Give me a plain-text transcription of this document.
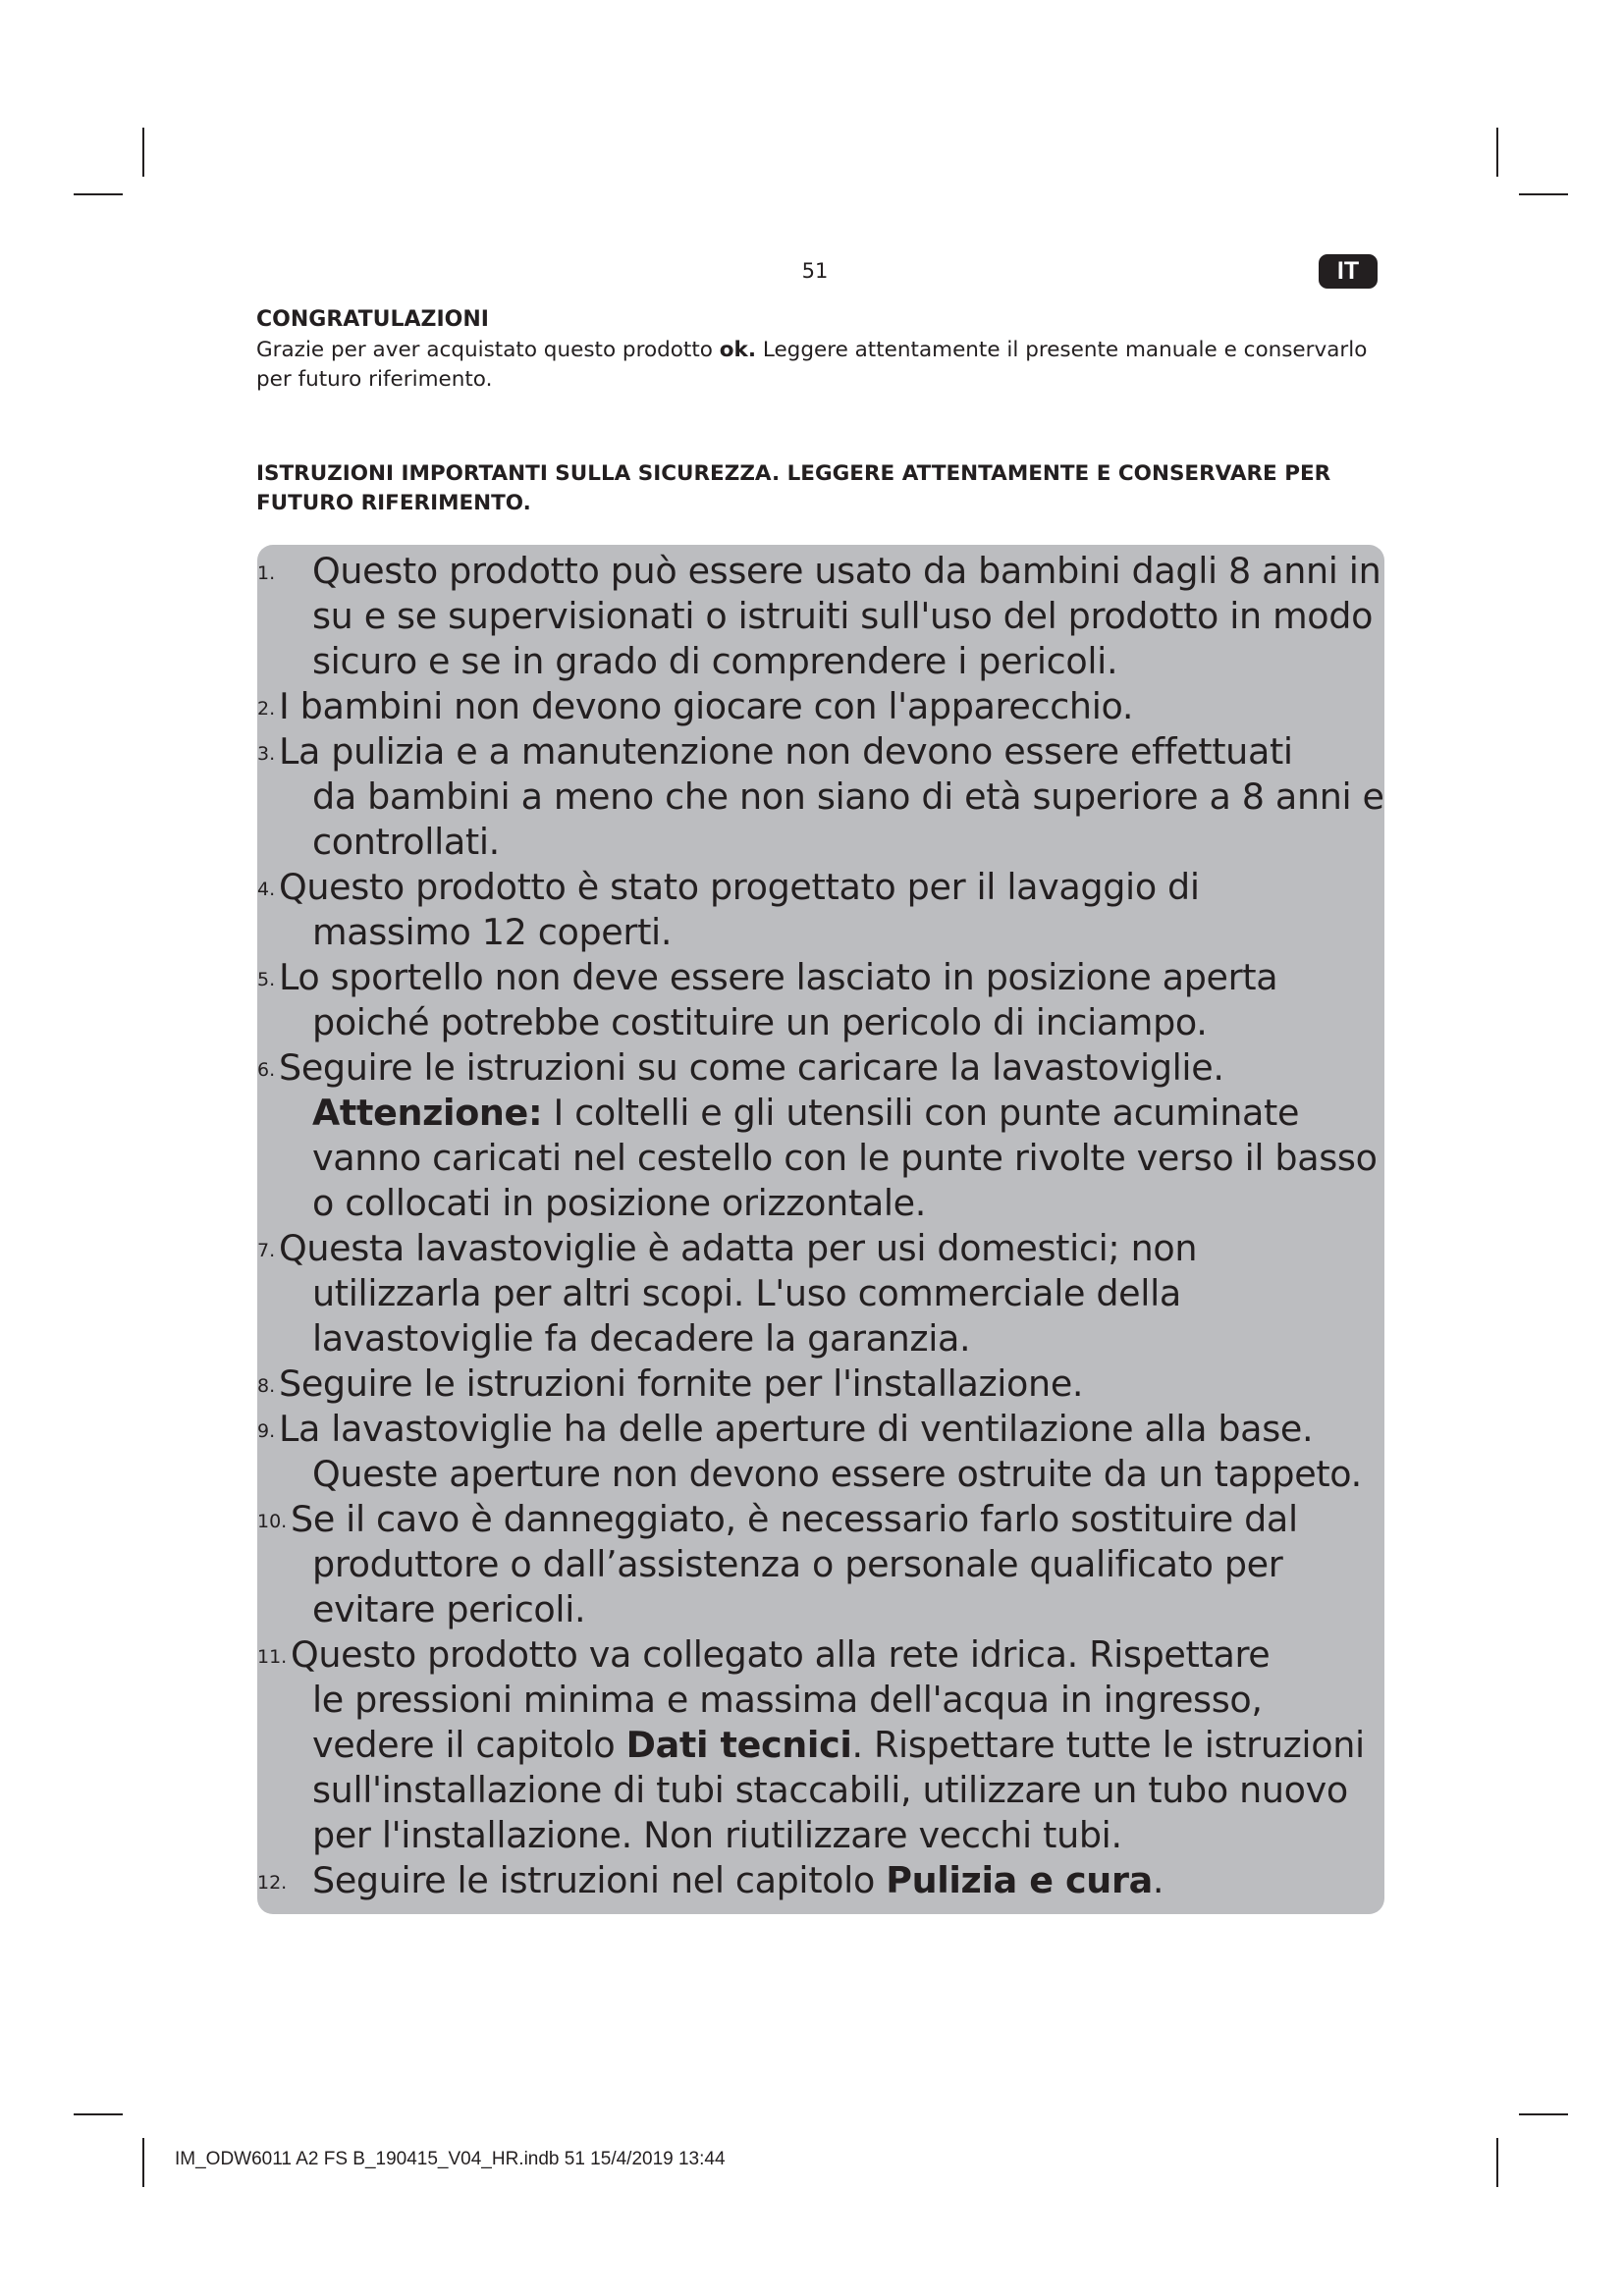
51	IT
CONGRATULAZIONI
Grazie per aver acquistato questo prodotto ok. Leggere attentamente il presente manuale e conservarlo
per futuro riferimento.
ISTRUZIONI IMPORTANTI SULLA SICUREZZA. LEGGERE ATTENTAMENTE E CONSERVARE PER
FUTURO RIFERIMENTO.
1. Questo prodotto può essere usato da bambini dagli 8 anni in
su e se supervisionati o istruiti sull'uso del prodotto in modo
sicuro e se in grado di comprendere i pericoli.
2. I bambini non devono giocare con l'apparecchio.
3. La pulizia e a manutenzione non devono essere effettuati
da bambini a meno che non siano di età superiore a 8 anni e
controllati.
4. Questo prodotto è stato progettato per il lavaggio di
massimo 12 coperti.
5. Lo sportello non deve essere lasciato in posizione aperta
poiché potrebbe costituire un pericolo di inciampo.
6. Seguire le istruzioni su come caricare la lavastoviglie.
Attenzione: I coltelli e gli utensili con punte acuminate
vanno caricati nel cestello con le punte rivolte verso il basso
o collocati in posizione orizzontale.
7. Questa lavastoviglie è adatta per usi domestici; non
utilizzarla per altri scopi. L'uso commerciale della
lavastoviglie fa decadere la garanzia.
8. Seguire le istruzioni fornite per l'installazione.
9. La lavastoviglie ha delle aperture di ventilazione alla base.
Queste aperture non devono essere ostruite da un tappeto.
10. Se il cavo è danneggiato, è necessario farlo sostituire dal
produttore o dall’assistenza o personale qualificato per
evitare pericoli.
11. Questo prodotto va collegato alla rete idrica. Rispettare
le pressioni minima e massima dell'acqua in ingresso,
vedere il capitolo Dati tecnici. Rispettare tutte le istruzioni
sull'installazione di tubi staccabili, utilizzare un tubo nuovo
per l'installazione. Non riutilizzare vecchi tubi.
12. Seguire le istruzioni nel capitolo Pulizia e cura.
IM_ODW6011 A2 FS B_190415_V04_HR.indb 51 15/4/2019 13:44
